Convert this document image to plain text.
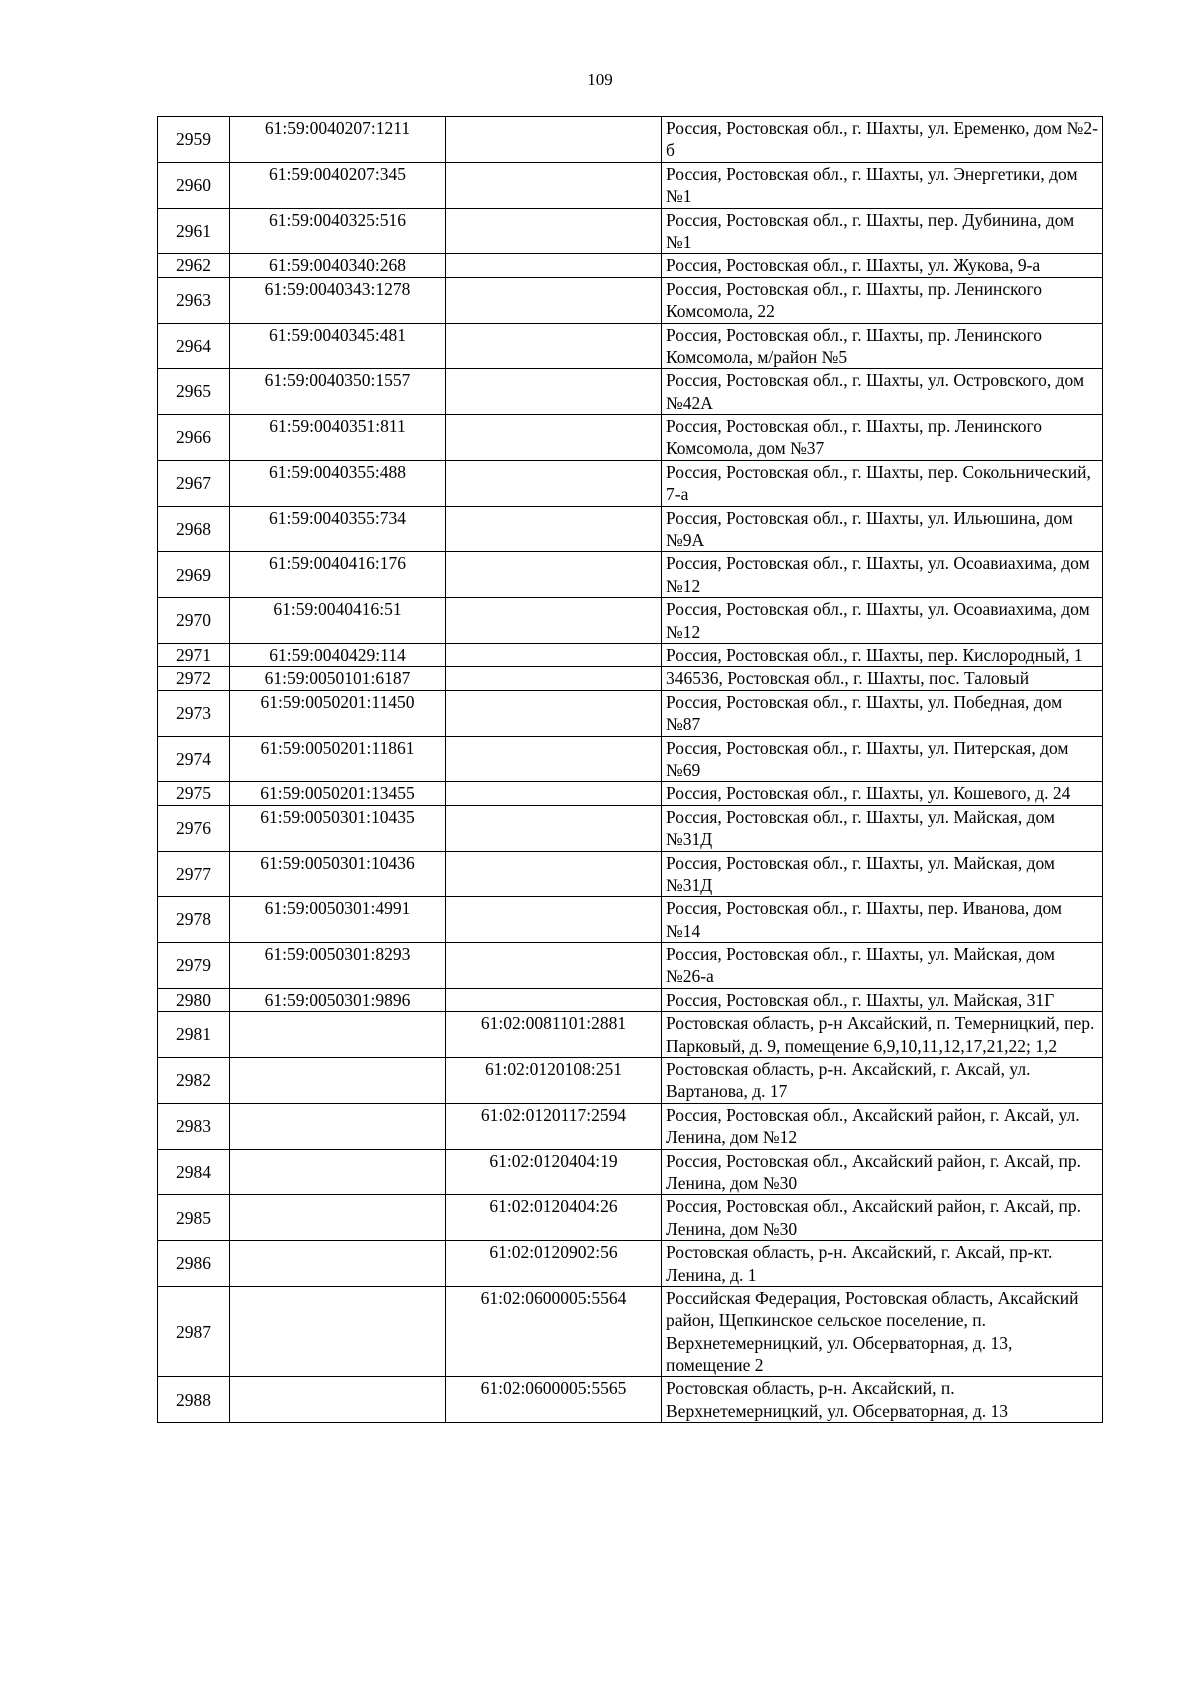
109
2959	61:59:0040207:1211		Россия, Ростовская обл., г. Шахты, ул. Еременко, дом №2-б
2960	61:59:0040207:345		Россия, Ростовская обл., г. Шахты, ул. Энергетики, дом №1
2961	61:59:0040325:516		Россия, Ростовская обл., г. Шахты, пер. Дубинина, дом №1
2962	61:59:0040340:268		Россия, Ростовская обл., г. Шахты, ул. Жукова, 9-а
2963	61:59:0040343:1278		Россия, Ростовская обл., г. Шахты, пр. Ленинского Комсомола, 22
2964	61:59:0040345:481		Россия, Ростовская обл., г. Шахты, пр. Ленинского Комсомола, м/район №5
2965	61:59:0040350:1557		Россия, Ростовская обл., г. Шахты, ул. Островского, дом №42А
2966	61:59:0040351:811		Россия, Ростовская обл., г. Шахты, пр. Ленинского Комсомола, дом №37
2967	61:59:0040355:488		Россия, Ростовская обл., г. Шахты, пер. Сокольнический, 7-а
2968	61:59:0040355:734		Россия, Ростовская обл., г. Шахты, ул. Ильюшина, дом №9А
2969	61:59:0040416:176		Россия, Ростовская обл., г. Шахты, ул. Осоавиахима, дом №12
2970	61:59:0040416:51		Россия, Ростовская обл., г. Шахты, ул. Осоавиахима, дом №12
2971	61:59:0040429:114		Россия, Ростовская обл., г. Шахты, пер. Кислородный, 1
2972	61:59:0050101:6187		346536, Ростовская обл., г. Шахты, пос. Таловый
2973	61:59:0050201:11450		Россия, Ростовская обл., г. Шахты, ул. Победная, дом №87
2974	61:59:0050201:11861		Россия, Ростовская обл., г. Шахты, ул. Питерская, дом №69
2975	61:59:0050201:13455		Россия, Ростовская обл., г. Шахты, ул. Кошевого, д. 24
2976	61:59:0050301:10435		Россия, Ростовская обл., г. Шахты, ул. Майская, дом №31Д
2977	61:59:0050301:10436		Россия, Ростовская обл., г. Шахты, ул. Майская, дом №31Д
2978	61:59:0050301:4991		Россия, Ростовская обл., г. Шахты, пер. Иванова, дом №14
2979	61:59:0050301:8293		Россия, Ростовская обл., г. Шахты, ул. Майская, дом №26-а
2980	61:59:0050301:9896		Россия, Ростовская обл., г. Шахты, ул. Майская, 31Г
2981		61:02:0081101:2881	Ростовская область, р-н Аксайский, п. Темерницкий, пер. Парковый, д. 9, помещение 6,9,10,11,12,17,21,22; 1,2
2982		61:02:0120108:251	Ростовская область, р-н. Аксайский, г. Аксай, ул. Вартанова, д. 17
2983		61:02:0120117:2594	Россия, Ростовская обл., Аксайский район, г. Аксай, ул. Ленина, дом №12
2984		61:02:0120404:19	Россия, Ростовская обл., Аксайский район, г. Аксай, пр. Ленина, дом №30
2985		61:02:0120404:26	Россия, Ростовская обл., Аксайский район, г. Аксай, пр. Ленина, дом №30
2986		61:02:0120902:56	Ростовская область, р-н. Аксайский, г. Аксай, пр-кт. Ленина, д. 1
2987		61:02:0600005:5564	Российская Федерация, Ростовская область, Аксайский район, Щепкинское сельское поселение, п. Верхнетемерницкий, ул. Обсерваторная, д. 13, помещение 2
2988		61:02:0600005:5565	Ростовская область, р-н. Аксайский, п. Верхнетемерницкий, ул. Обсерваторная, д. 13
